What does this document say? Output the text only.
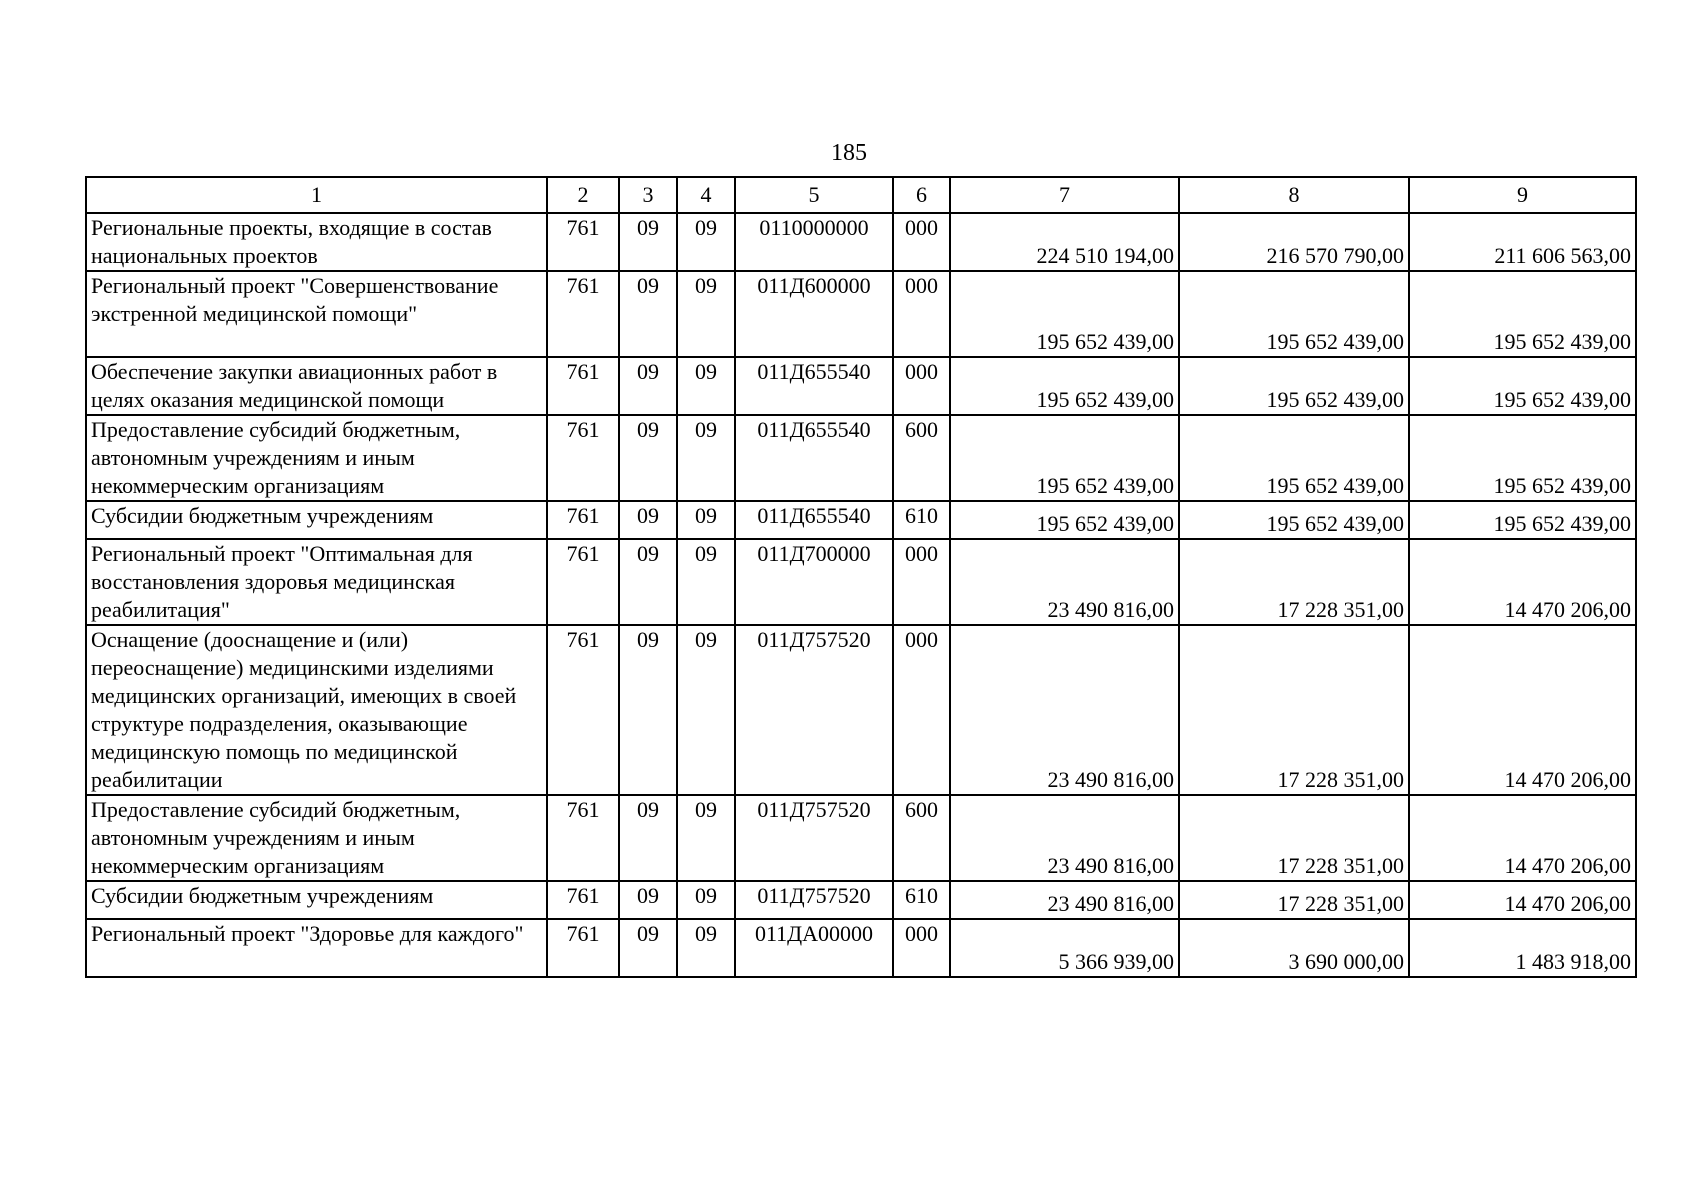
185
1	2	3	4	5	6	7	8	9
Региональные проекты, входящие в состав национальных проектов	761	09	09	0110000000	000	224 510 194,00	216 570 790,00	211 606 563,00
Региональный проект "Совершенствование экстренной медицинской помощи"	761	09	09	011Д600000	000	195 652 439,00	195 652 439,00	195 652 439,00
Обеспечение закупки авиационных работ в целях оказания медицинской помощи	761	09	09	011Д655540	000	195 652 439,00	195 652 439,00	195 652 439,00
Предоставление субсидий бюджетным, автономным учреждениям и иным некоммерческим организациям	761	09	09	011Д655540	600	195 652 439,00	195 652 439,00	195 652 439,00
Субсидии бюджетным учреждениям	761	09	09	011Д655540	610	195 652 439,00	195 652 439,00	195 652 439,00
Региональный проект "Оптимальная для восстановления здоровья медицинская реабилитация"	761	09	09	011Д700000	000	23 490 816,00	17 228 351,00	14 470 206,00
Оснащение (дооснащение и (или) переоснащение) медицинскими изделиями медицинских организаций, имеющих в своей структуре подразделения, оказывающие медицинскую помощь по медицинской реабилитации	761	09	09	011Д757520	000	23 490 816,00	17 228 351,00	14 470 206,00
Предоставление субсидий бюджетным, автономным учреждениям и иным некоммерческим организациям	761	09	09	011Д757520	600	23 490 816,00	17 228 351,00	14 470 206,00
Субсидии бюджетным учреждениям	761	09	09	011Д757520	610	23 490 816,00	17 228 351,00	14 470 206,00
Региональный проект "Здоровье для каждого"	761	09	09	011ДА00000	000	5 366 939,00	3 690 000,00	1 483 918,00
